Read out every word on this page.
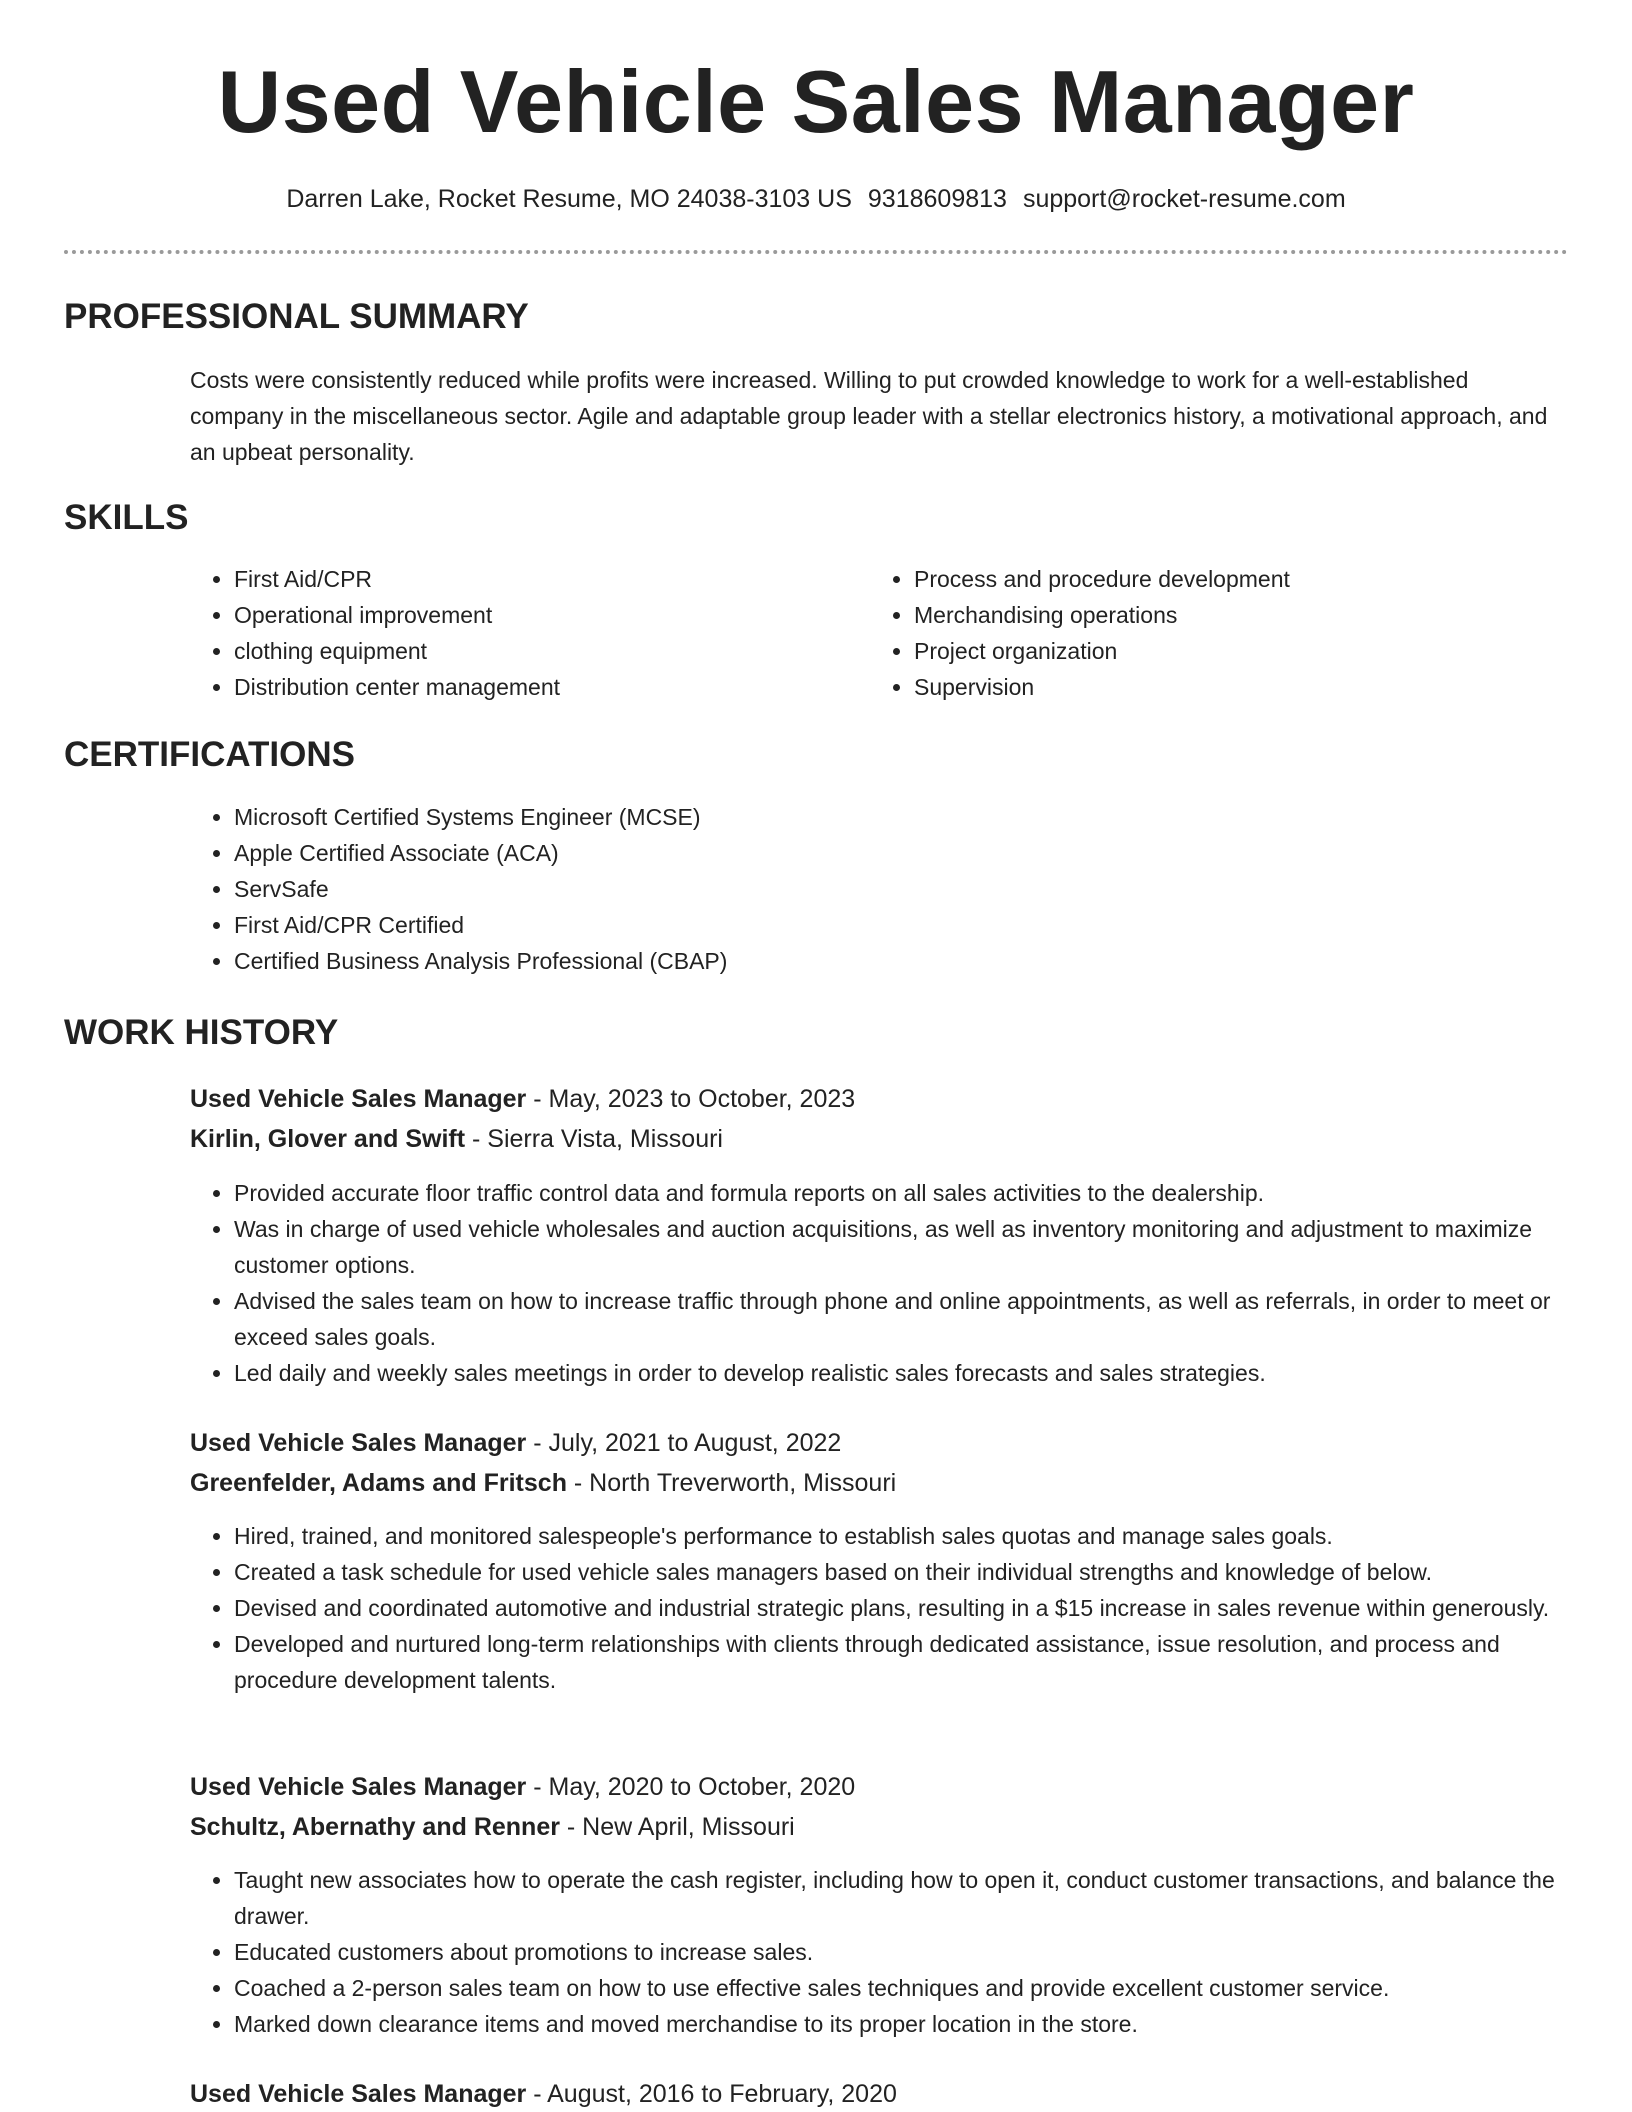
Used Vehicle Sales Manager
Darren Lake, Rocket Resume, MO 24038-3103 US 9318609813 support@rocket-resume.com
PROFESSIONAL SUMMARY

Costs were consistently reduced while profits were increased. Willing to put crowded knowledge to work for a well-established company in the miscellaneous sector. Agile and adaptable group leader with a stellar electronics history, a motivational approach, and an upbeat personality.

SKILLS
• First Aid/CPR
• Operational improvement
• clothing equipment
• Distribution center management
• Process and procedure development
• Merchandising operations
• Project organization
• Supervision
CERTIFICATIONS
• Microsoft Certified Systems Engineer (MCSE)
• Apple Certified Associate (ACA)
• ServSafe
• First Aid/CPR Certified
• Certified Business Analysis Professional (CBAP)
WORK HISTORY

Used Vehicle Sales Manager - May, 2023 to October, 2023

Kirlin, Glover and Swift - Sierra Vista, Missouri

• Provided accurate floor traffic control data and formula reports on all sales activities to the dealership.
• Was in charge of used vehicle wholesales and auction acquisitions, as well as inventory monitoring and adjustment to maximize customer options.
• Advised the sales team on how to increase traffic through phone and online appointments, as well as referrals, in order to meet or exceed sales goals.
• Led daily and weekly sales meetings in order to develop realistic sales forecasts and sales strategies.

Used Vehicle Sales Manager - July, 2021 to August, 2022

Greenfelder, Adams and Fritsch - North Treverworth, Missouri

• Hired, trained, and monitored salespeople's performance to establish sales quotas and manage sales goals.
• Created a task schedule for used vehicle sales managers based on their individual strengths and knowledge of below.
• Devised and coordinated automotive and industrial strategic plans, resulting in a $15 increase in sales revenue within generously.
• Developed and nurtured long-term relationships with clients through dedicated assistance, issue resolution, and process and procedure development talents.

Used Vehicle Sales Manager - May, 2020 to October, 2020

Schultz, Abernathy and Renner - New April, Missouri

• Taught new associates how to operate the cash register, including how to open it, conduct customer transactions, and balance the drawer.
• Educated customers about promotions to increase sales.
• Coached a 2-person sales team on how to use effective sales techniques and provide excellent customer service.
• Marked down clearance items and moved merchandise to its proper location in the store.

Used Vehicle Sales Manager - August, 2016 to February, 2020
